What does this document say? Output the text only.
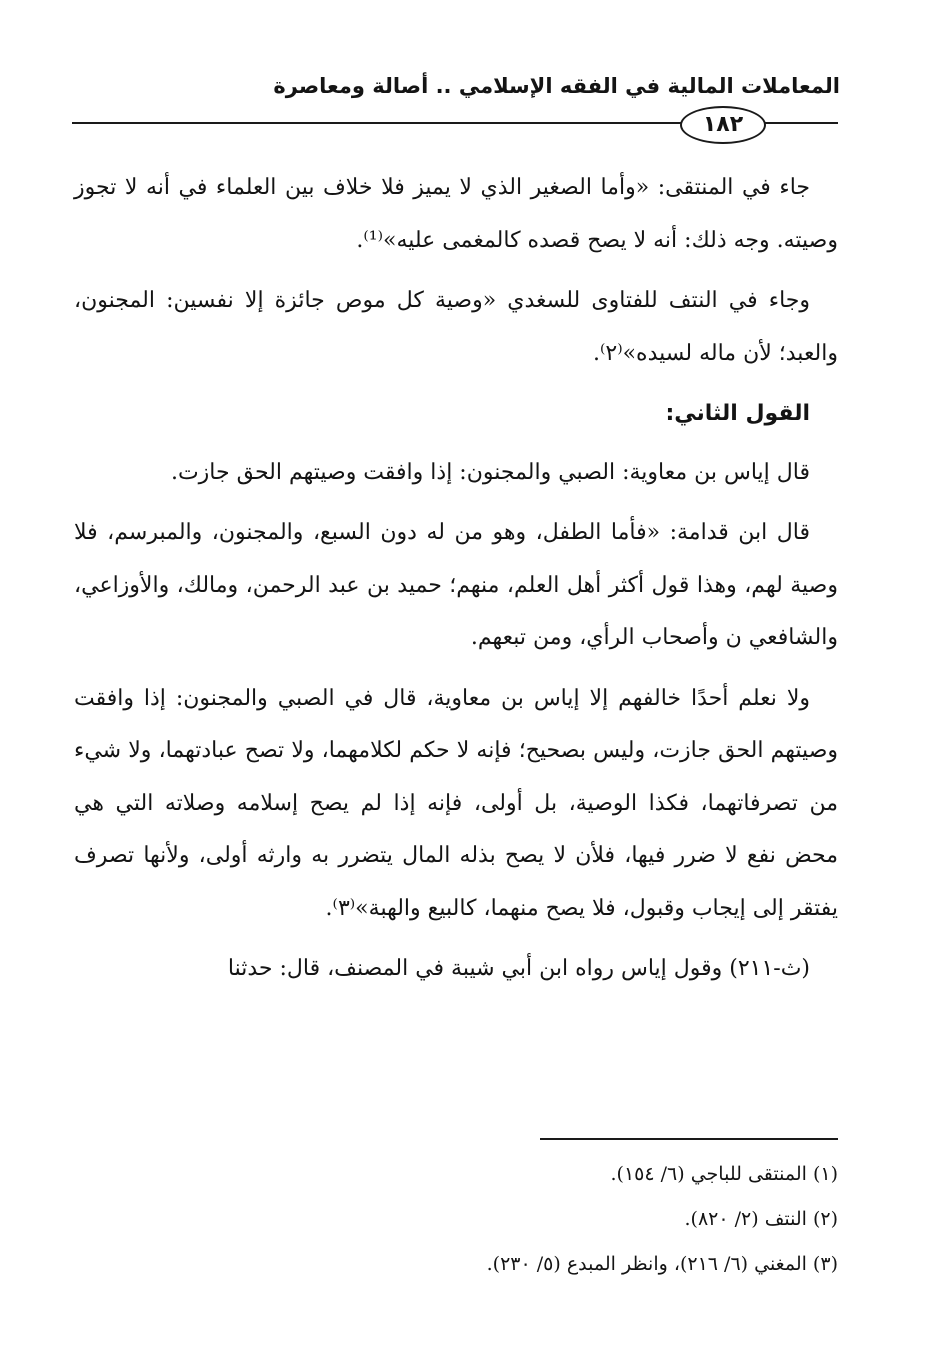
المعاملات المالية في الفقه الإسلامي .. أصالة ومعاصرة
١٨٢

جاء في المنتقى: «وأما الصغير الذي لا يميز فلا خلاف بين العلماء في أنه لا تجوز وصيته. وجه ذلك: أنه لا يصح قصده كالمغمى عليه»⁽¹⁾.

وجاء في النتف للفتاوى للسغدي «وصية كل موص جائزة إلا نفسين: المجنون، والعبد؛ لأن ماله لسيده»⁽٢⁾.

القول الثاني:

قال إياس بن معاوية: الصبي والمجنون: إذا وافقت وصيتهم الحق جازت.

قال ابن قدامة: «فأما الطفل، وهو من له دون السبع، والمجنون، والمبرسم، فلا وصية لهم، وهذا قول أكثر أهل العلم، منهم؛ حميد بن عبد الرحمن، ومالك، والأوزاعي، والشافعي ن وأصحاب الرأي، ومن تبعهم.

ولا نعلم أحدًا خالفهم إلا إياس بن معاوية، قال في الصبي والمجنون: إذا وافقت وصيتهم الحق جازت، وليس بصحيح؛ فإنه لا حكم لكلامهما، ولا تصح عبادتهما، ولا شيء من تصرفاتهما، فكذا الوصية، بل أولى، فإنه إذا لم يصح إسلامه وصلاته التي هي محض نفع لا ضرر فيها، فلأن لا يصح بذله المال يتضرر به وارثه أولى، ولأنها تصرف يفتقر إلى إيجاب وقبول، فلا يصح منهما، كالبيع والهبة»⁽٣⁾.

(ث-٢١١) وقول إياس رواه ابن أبي شيبة في المصنف، قال: حدثنا

(١) المنتقى للباجي (٦/ ١٥٤).
(٢) النتف (٢/ ٨٢٠).
(٣) المغني (٦/ ٢١٦)، وانظر المبدع (٥/ ٢٣٠).
